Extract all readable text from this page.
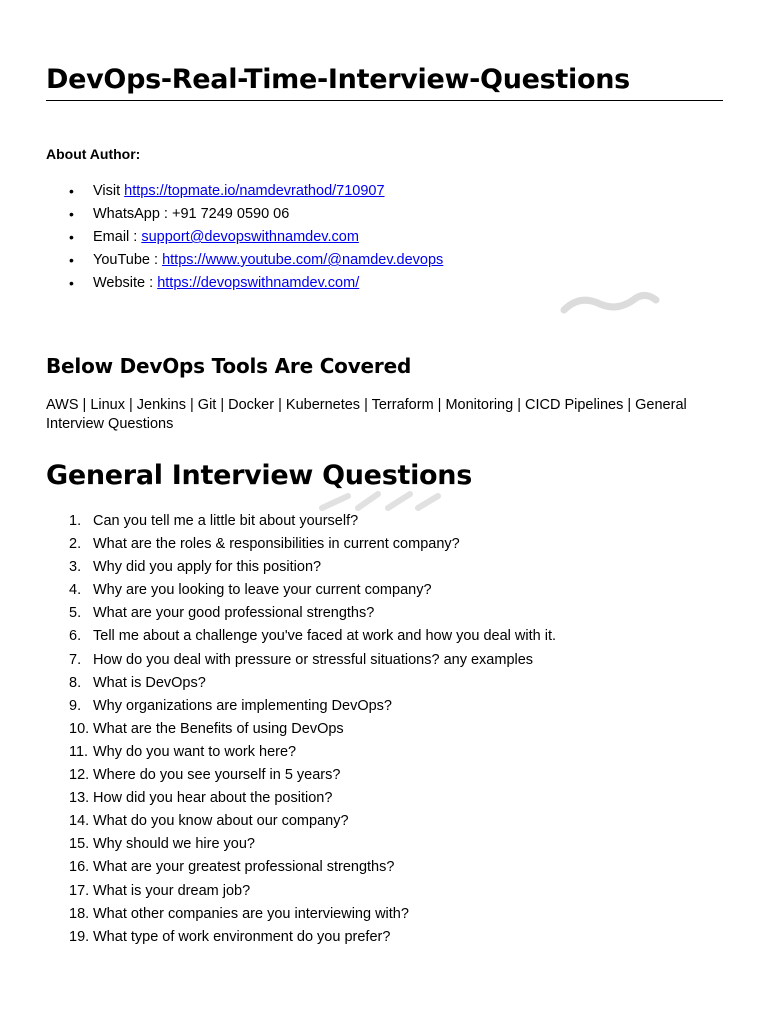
DevOps-Real-Time-Interview-Questions
About Author:
• Visit https://topmate.io/namdevrathod/710907
• WhatsApp : +91 7249 0590 06
• Email : support@devopswithnamdev.com
• YouTube : https://www.youtube.com/@namdev.devops
• Website : https://devopswithnamdev.com/
Below DevOps Tools Are Covered
AWS | Linux | Jenkins | Git | Docker | Kubernetes | Terraform | Monitoring | CICD Pipelines | General Interview Questions
General Interview Questions
1. Can you tell me a little bit about yourself?
2. What are the roles & responsibilities in current company?
3. Why did you apply for this position?
4. Why are you looking to leave your current company?
5. What are your good professional strengths?
6. Tell me about a challenge you've faced at work and how you deal with it.
7. How do you deal with pressure or stressful situations? any examples
8. What is DevOps?
9. Why organizations are implementing DevOps?
10. What are the Benefits of using DevOps
11. Why do you want to work here?
12. Where do you see yourself in 5 years?
13. How did you hear about the position?
14. What do you know about our company?
15. Why should we hire you?
16. What are your greatest professional strengths?
17. What is your dream job?
18. What other companies are you interviewing with?
19. What type of work environment do you prefer?
